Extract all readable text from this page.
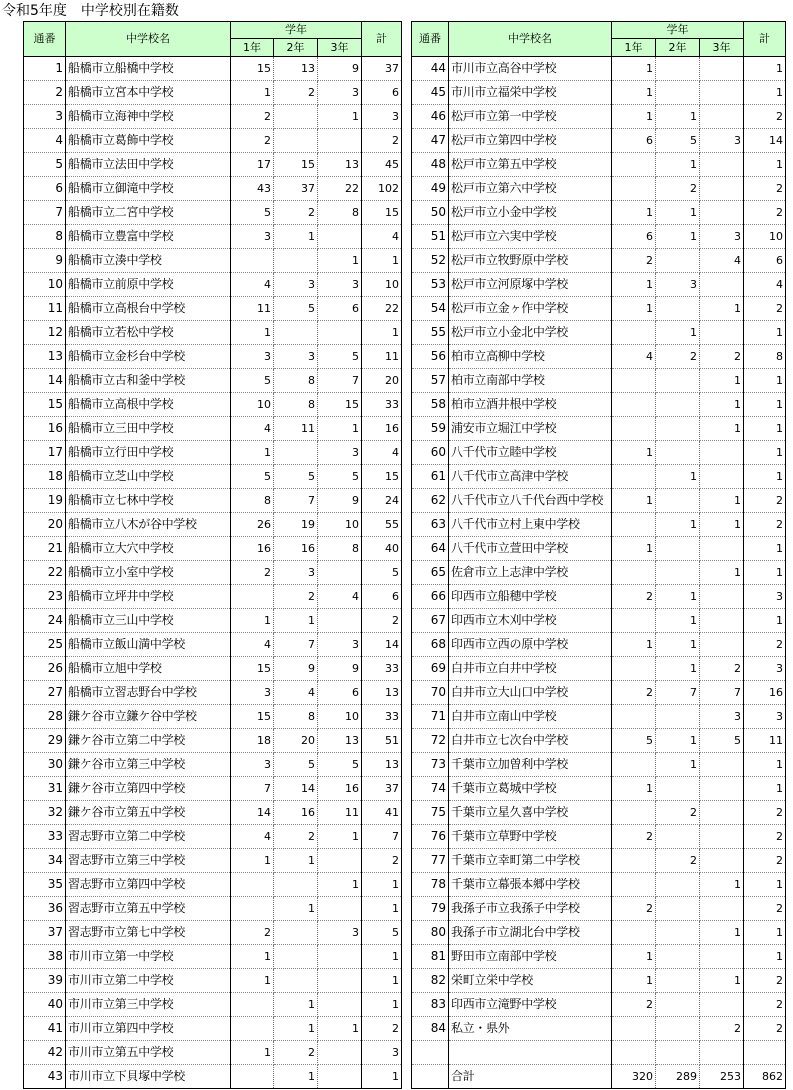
令和5年度　中学校別在籍数
通番	中学校名	学年			計
		1年	2年	3年	
1	船橋市立船橋中学校	15	13	9	37
2	船橋市立宮本中学校	1	2	3	6
3	船橋市立海神中学校	2		1	3
4	船橋市立葛飾中学校	2			2
5	船橋市立法田中学校	17	15	13	45
6	船橋市立御滝中学校	43	37	22	102
7	船橋市立二宮中学校	5	2	8	15
8	船橋市立豊富中学校	3	1		4
9	船橋市立湊中学校			1	1
10	船橋市立前原中学校	4	3	3	10
11	船橋市立高根台中学校	11	5	6	22
12	船橋市立若松中学校	1			1
13	船橋市立金杉台中学校	3	3	5	11
14	船橋市立古和釜中学校	5	8	7	20
15	船橋市立高根中学校	10	8	15	33
16	船橋市立三田中学校	4	11	1	16
17	船橋市立行田中学校	1		3	4
18	船橋市立芝山中学校	5	5	5	15
19	船橋市立七林中学校	8	7	9	24
20	船橋市立八木が谷中学校	26	19	10	55
21	船橋市立大穴中学校	16	16	8	40
22	船橋市立小室中学校	2	3		5
23	船橋市立坪井中学校		2	4	6
24	船橋市立三山中学校	1	1		2
25	船橋市立飯山満中学校	4	7	3	14
26	船橋市立旭中学校	15	9	9	33
27	船橋市立習志野台中学校	3	4	6	13
28	鎌ケ谷市立鎌ケ谷中学校	15	8	10	33
29	鎌ケ谷市立第二中学校	18	20	13	51
30	鎌ケ谷市立第三中学校	3	5	5	13
31	鎌ケ谷市立第四中学校	7	14	16	37
32	鎌ケ谷市立第五中学校	14	16	11	41
33	習志野市立第二中学校	4	2	1	7
34	習志野市立第三中学校	1	1		2
35	習志野市立第四中学校			1	1
36	習志野市立第五中学校		1		1
37	習志野市立第七中学校	2		3	5
38	市川市立第一中学校	1			1
39	市川市立第二中学校	1			1
40	市川市立第三中学校		1		1
41	市川市立第四中学校		1	1	2
42	市川市立第五中学校	1	2		3
43	市川市立下貝塚中学校		1		1
通番	中学校名	学年			計
		1年	2年	3年	
44	市川市立高谷中学校	1			1
45	市川市立福栄中学校	1			1
46	松戸市立第一中学校	1	1		2
47	松戸市立第四中学校	6	5	3	14
48	松戸市立第五中学校		1		1
49	松戸市立第六中学校		2		2
50	松戸市立小金中学校	1	1		2
51	松戸市立六実中学校	6	1	3	10
52	松戸市立牧野原中学校	2		4	6
53	松戸市立河原塚中学校	1	3		4
54	松戸市立金ヶ作中学校	1		1	2
55	松戸市立小金北中学校		1		1
56	柏市立高柳中学校	4	2	2	8
57	柏市立南部中学校			1	1
58	柏市立酒井根中学校			1	1
59	浦安市立堀江中学校			1	1
60	八千代市立睦中学校	1			1
61	八千代市立高津中学校		1		1
62	八千代市立八千代台西中学校	1		1	2
63	八千代市立村上東中学校		1	1	2
64	八千代市立萱田中学校	1			1
65	佐倉市立上志津中学校			1	1
66	印西市立船穂中学校	2	1		3
67	印西市立木刈中学校		1		1
68	印西市立西の原中学校	1	1		2
69	白井市立白井中学校		1	2	3
70	白井市立大山口中学校	2	7	7	16
71	白井市立南山中学校			3	3
72	白井市立七次台中学校	5	1	5	11
73	千葉市立加曽利中学校		1		1
74	千葉市立葛城中学校	1			1
75	千葉市立星久喜中学校		2		2
76	千葉市立草野中学校	2			2
77	千葉市立幸町第二中学校		2		2
78	千葉市立幕張本郷中学校			1	1
79	我孫子市立我孫子中学校	2			2
80	我孫子市立湖北台中学校			1	1
81	野田市立南部中学校	1			1
82	栄町立栄中学校	1		1	2
83	印西市立滝野中学校	2			2
84	私立・県外			2	2

	合計	320	289	253	862
